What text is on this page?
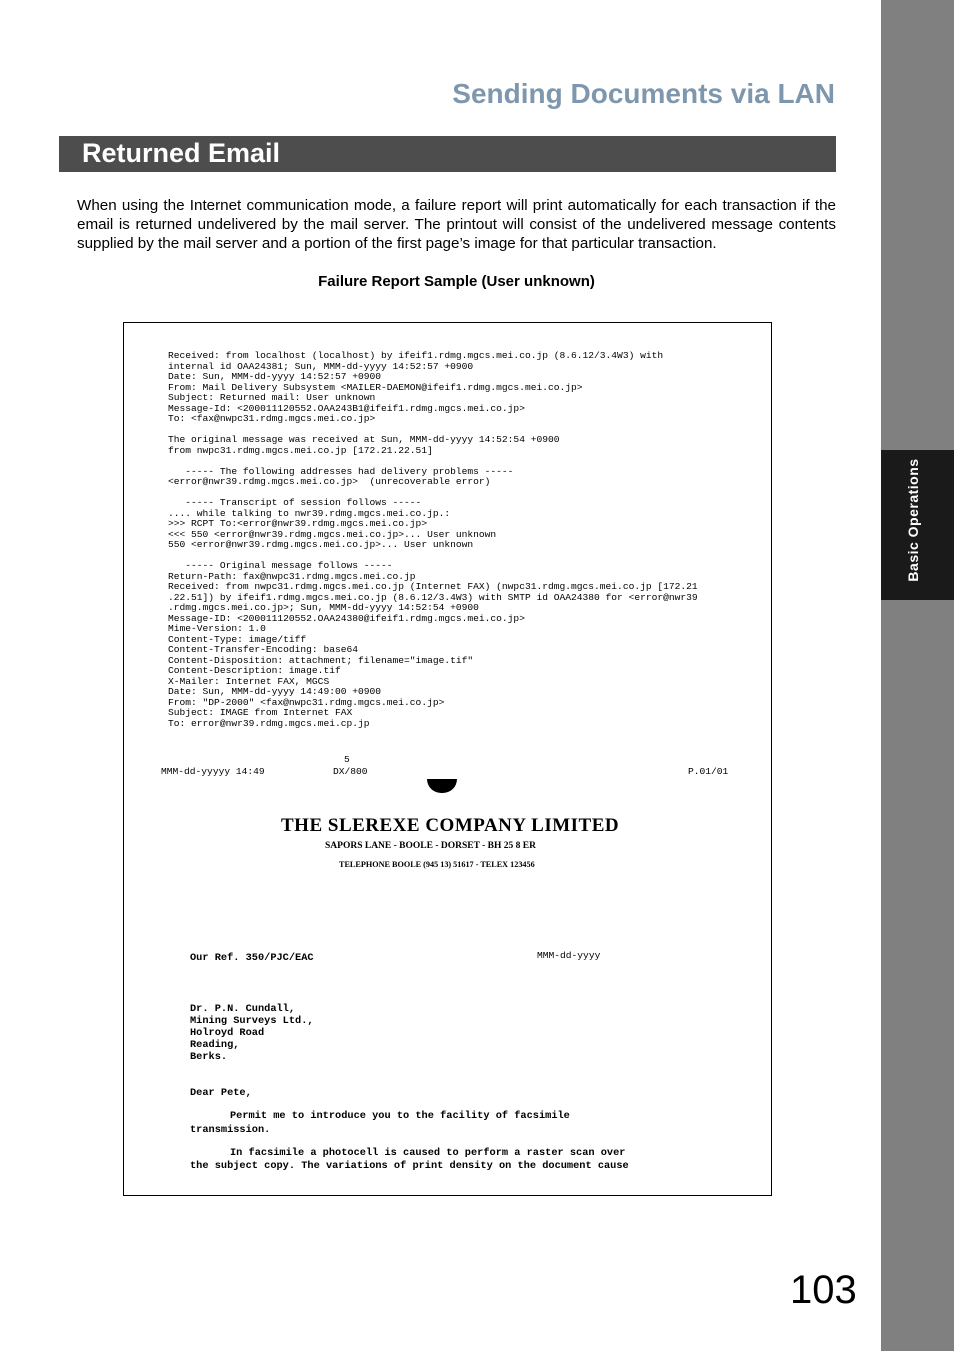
Basic Operations
Sending Documents via LAN
Returned Email

When using the Internet communication mode, a failure report will print automatically for each transaction if the email is returned undelivered by the mail server. The printout will consist of the undelivered message contents supplied by the mail server and a portion of the first page’s image for that particular transaction.

Failure Report Sample (User unknown)
Received: from localhost (localhost) by ifeif1.rdmg.mgcs.mei.co.jp (8.6.12/3.4W3) with
internal id OAA24381; Sun, MMM-dd-yyyy 14:52:57 +0900
Date: Sun, MMM-dd-yyyy 14:52:57 +0900
From: Mail Delivery Subsystem <MAILER-DAEMON@ifeif1.rdmg.mgcs.mei.co.jp>
Subject: Returned mail: User unknown
Message-Id: <200011120552.OAA243B1@ifeif1.rdmg.mgcs.mei.co.jp>
To: <fax@nwpc31.rdmg.mgcs.mei.co.jp>

The original message was received at Sun, MMM-dd-yyyy 14:52:54 +0900
from nwpc31.rdmg.mgcs.mei.co.jp [172.21.22.51]

----- The following addresses had delivery problems -----
<error@nwr39.rdmg.mgcs.mei.co.jp>  (unrecoverable error)

----- Transcript of session follows -----
.... while talking to nwr39.rdmg.mgcs.mei.co.jp.:
>>> RCPT To:<error@nwr39.rdmg.mgcs.mei.co.jp>
<<< 550 <error@nwr39.rdmg.mgcs.mei.co.jp>... User unknown
550 <error@nwr39.rdmg.mgcs.mei.co.jp>... User unknown

----- Original message follows -----
Return-Path: fax@nwpc31.rdmg.mgcs.mei.co.jp
Received: from nwpc31.rdmg.mgcs.mei.co.jp (Internet FAX) (nwpc31.rdmg.mgcs.mei.co.jp [172.21
.22.51]) by ifeif1.rdmg.mgcs.mei.co.jp (8.6.12/3.4W3) with SMTP id OAA24380 for <error@nwr39
.rdmg.mgcs.mei.co.jp>; Sun, MMM-dd-yyyy 14:52:54 +0900
Message-ID: <200011120552.OAA24380@ifeif1.rdmg.mgcs.mei.co.jp>
Mime-Version: 1.0
Content-Type: image/tiff
Content-Transfer-Encoding: base64
Content-Disposition: attachment; filename="image.tif"
Content-Description: image.tif
X-Mailer: Internet FAX, MGCS
Date: Sun, MMM-dd-yyyy 14:49:00 +0900
From: "DP-2000" <fax@nwpc31.rdmg.mgcs.mei.co.jp>
Subject: IMAGE from Internet FAX
To: error@nwr39.rdmg.mgcs.mei.cp.jp
5
MMM-dd-yyyyy 14:49	DX/800	P.01/01
THE SLEREXE COMPANY LIMITED
SAPORS LANE - BOOLE - DORSET - BH 25 8 ER
TELEPHONE BOOLE (945 13) 51617 - TELEX 123456
Our Ref. 350/PJC/EAC	MMM-dd-yyyy
Dr. P.N. Cundall,
Mining Surveys Ltd.,
Holroyd Road
Reading,
Berks.
Dear Pete,
Permit me to introduce you to the facility of facsimile
transmission.
In facsimile a photocell is caused to perform a raster scan over
the subject copy. The variations of print density on the document cause
103
